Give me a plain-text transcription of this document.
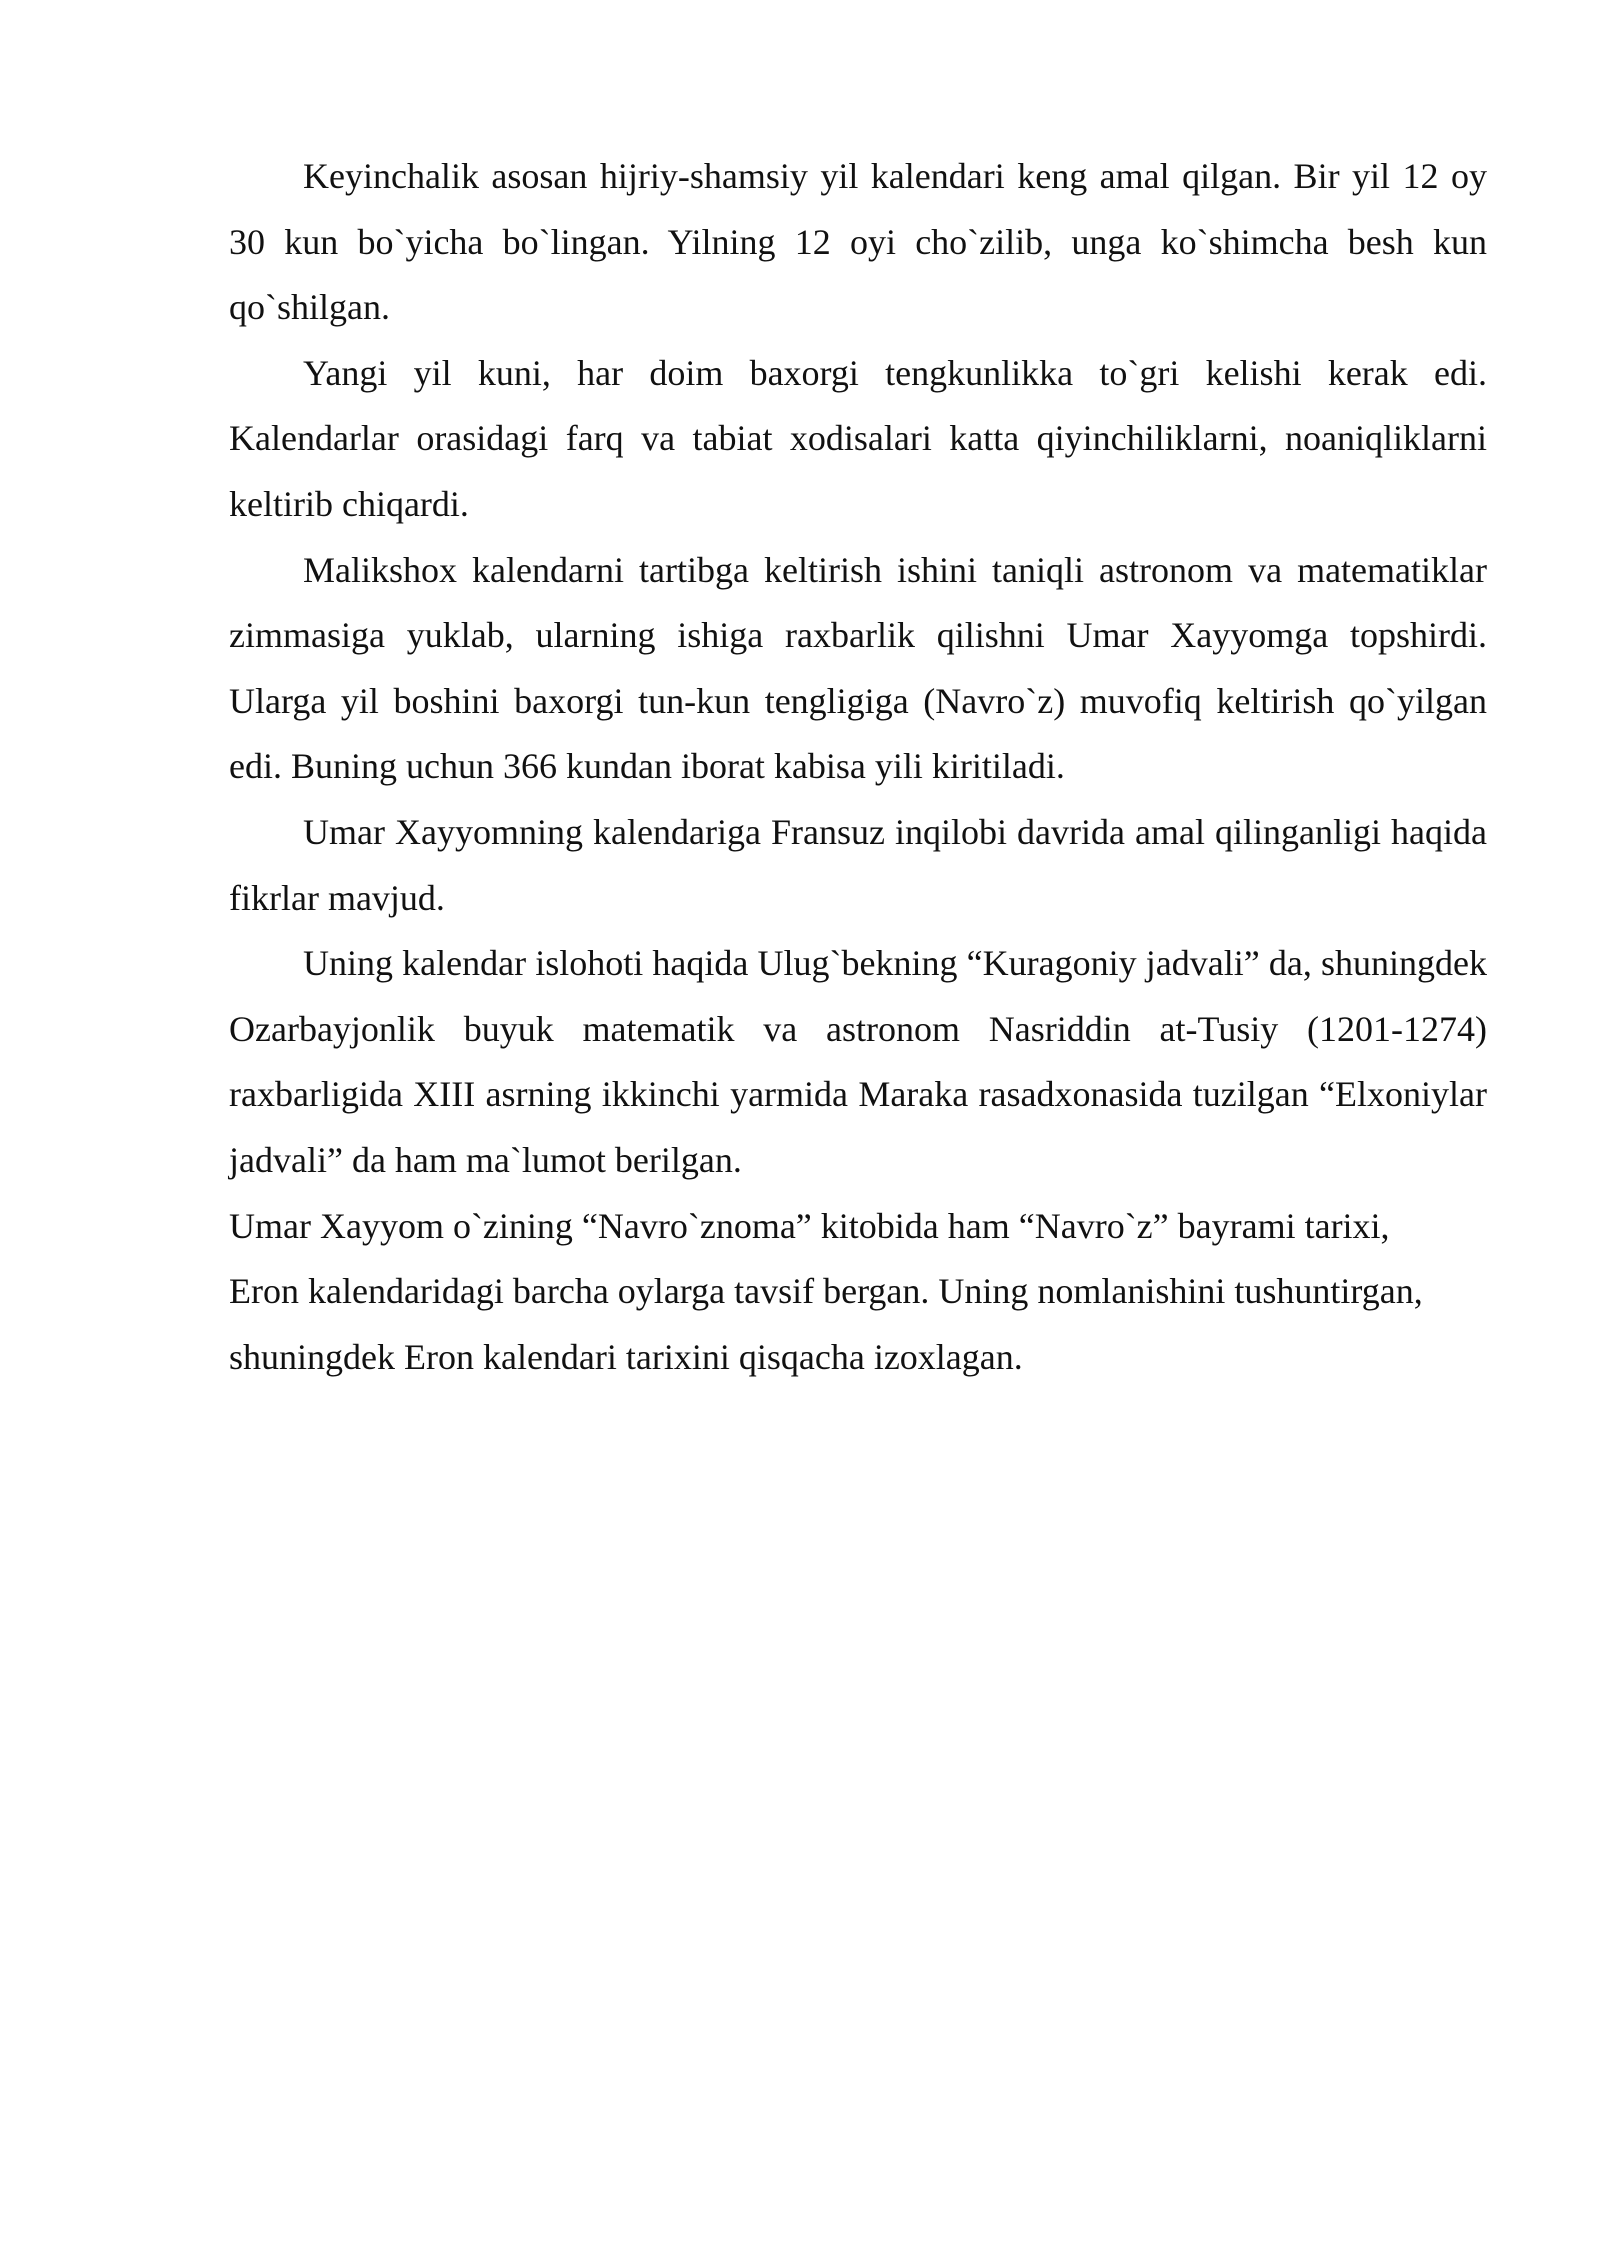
Keyinchalik asosan hijriy-shamsiy yil kalendari keng amal qilgan. Bir yil 12 oy 30 kun bo`yicha bo`lingan. Yilning 12 oyi cho`zilib, unga ko`shimcha besh kun qo`shilgan.

Yangi yil kuni, har doim baxorgi tengkunlikka to`gri kelishi kerak edi. Kalendarlar orasidagi farq va tabiat xodisalari katta qiyinchiliklarni, noaniqliklarni keltirib chiqardi.

Malikshox kalendarni tartibga keltirish ishini taniqli astronom va matematiklar zimmasiga yuklab, ularning ishiga raxbarlik qilishni Umar Xayyomga topshirdi. Ularga yil boshini baxorgi tun-kun tengligiga (Navro`z) muvofiq keltirish qo`yilgan edi. Buning uchun 366 kundan iborat kabisa yili kiritiladi.

Umar Xayyomning kalendariga Fransuz inqilobi davrida amal qilinganligi haqida fikrlar mavjud.

Uning kalendar islohoti haqida Ulug`bekning “Kuragoniy jadvali” da, shuningdek Ozarbayjonlik buyuk matematik va astronom Nasriddin at-Tusiy (1201-1274) raxbarligida XIII asrning ikkinchi yarmida Maraka rasadxonasida tuzilgan “Elxoniylar jadvali” da ham ma`lumot berilgan.

Umar Xayyom o`zining “Navro`znoma” kitobida ham “Navro`z” bayrami tarixi,

Eron kalendaridagi barcha oylarga tavsif bergan. Uning nomlanishini tushuntirgan,

shuningdek Eron kalendari tarixini qisqacha izoxlagan.
